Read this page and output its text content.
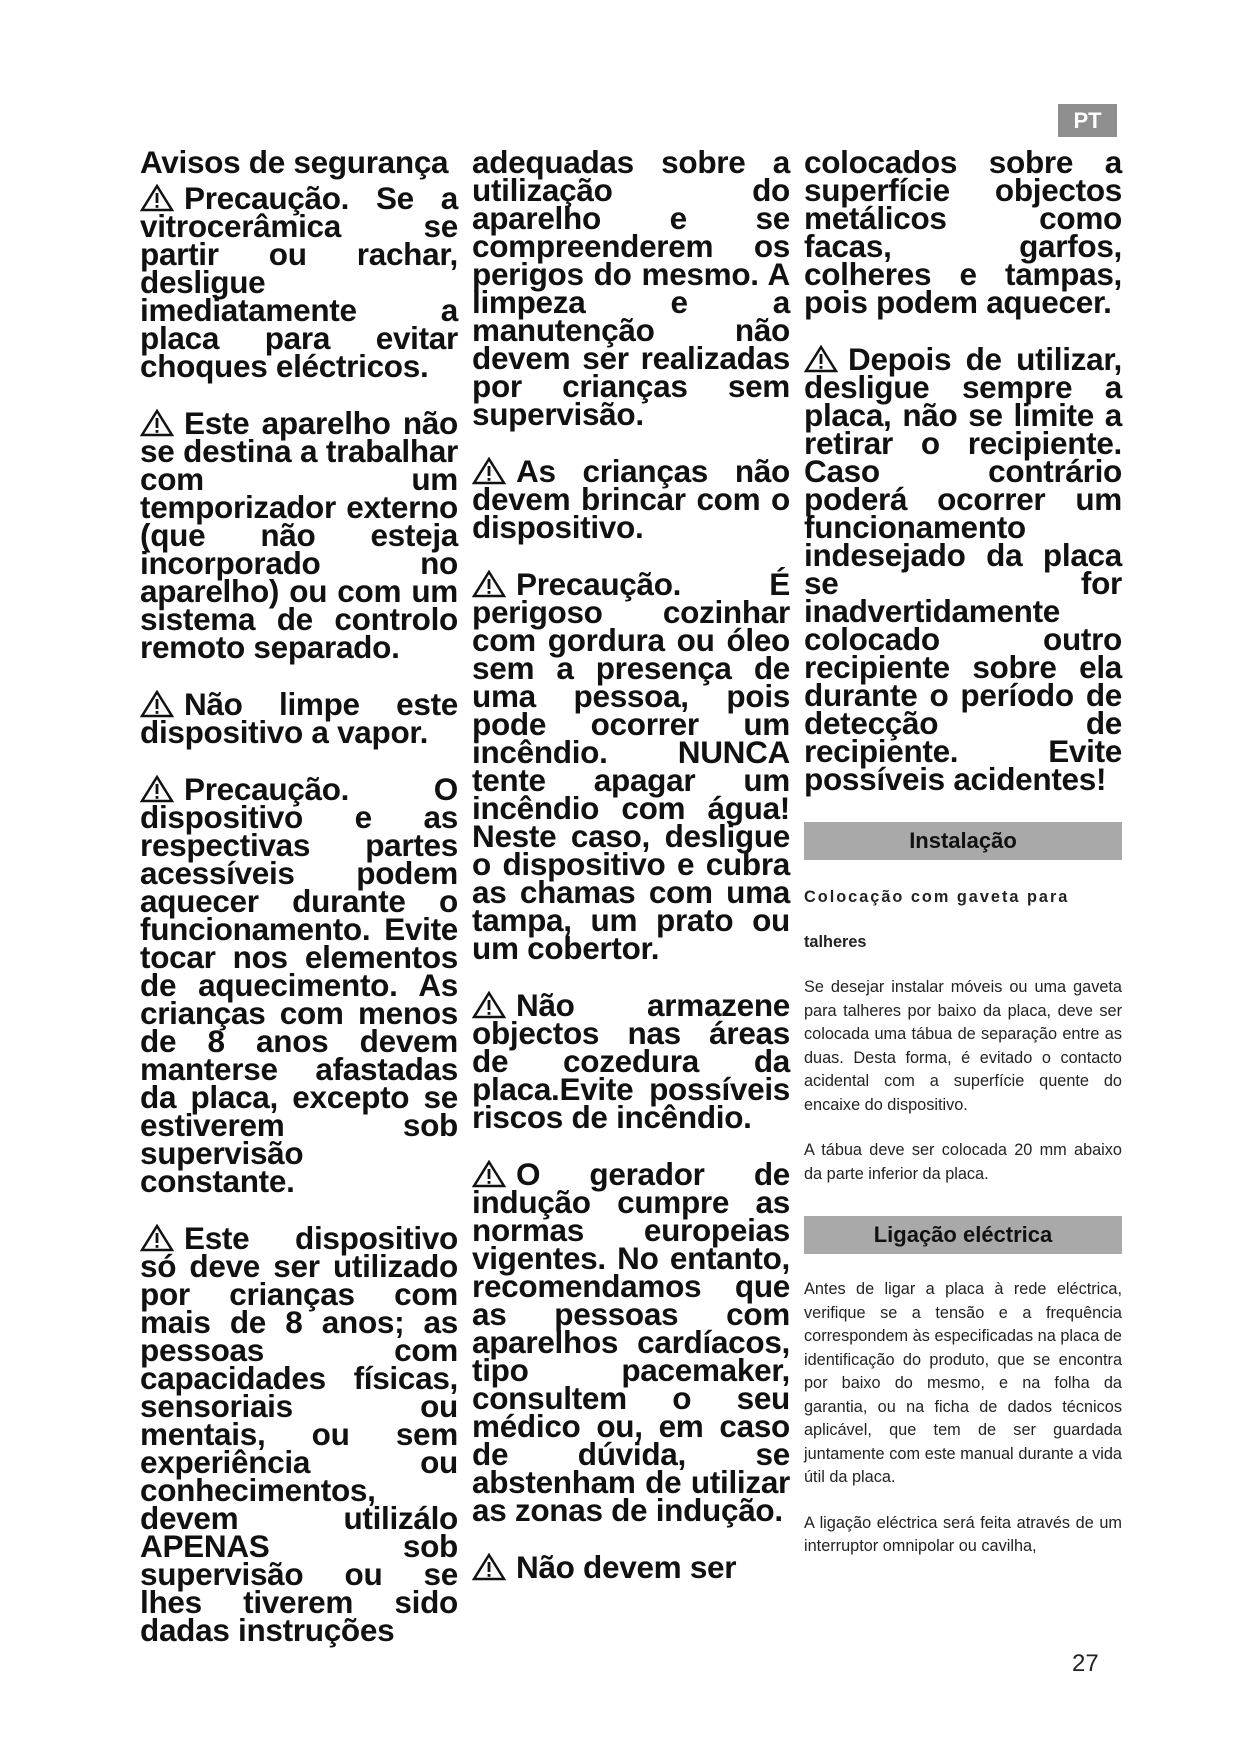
PT
Avisos de segurança

Precaução. Se a vitrocerâmica se partir ou rachar, desligue imediatamente a placa para evitar choques eléctricos.

Este aparelho não se destina a trabalhar com um temporizador externo (que não esteja incorporado no aparelho) ou com um sistema de controlo remoto separado.

Não limpe este dispositivo a vapor.

Precaução. O dispositivo e as respectivas partes acessíveis podem aquecer durante o funcionamento. Evite tocar nos elementos de aquecimento. As crianças com menos de 8 anos devem manterse afastadas da placa, excepto se estiverem sob supervisão constante.

Este dispositivo só deve ser utilizado por crianças com mais de 8 anos; as pessoas com capacidades físicas, sensoriais ou mentais, ou sem experiência ou conhecimentos, devem utilizálo APENAS sob supervisão ou se lhes tiverem sido dadas instruções

adequadas sobre a utilização do aparelho e se compreenderem os perigos do mesmo. A limpeza e a manutenção não devem ser realizadas por crianças sem supervisão.

As crianças não devem brincar com o dispositivo.

Precaução. É perigoso cozinhar com gordura ou óleo sem a presença de uma pessoa, pois pode ocorrer um incêndio. NUNCA tente apagar um incêndio com água! Neste caso, desligue o dispositivo e cubra as chamas com uma tampa, um prato ou um cobertor.

Não armazene objectos nas áreas de cozedura da placa.Evite possíveis riscos de incêndio.

O gerador de indução cumpre as normas europeias vigentes. No entanto, recomendamos que as pessoas com aparelhos cardíacos, tipo pacemaker, consultem o seu médico ou, em caso de dúvida, se abstenham de utilizar as zonas de indução.

Não devem ser

colocados sobre a superfície objectos metálicos como facas, garfos, colheres e tampas, pois podem aquecer.

Depois de utilizar, desligue sempre a placa, não se limite a retirar o recipiente. Caso contrário poderá ocorrer um funcionamento indesejado da placa se for inadvertidamente colocado outro recipiente sobre ela durante o período de detecção de recipiente. Evite possíveis acidentes!

Instalação

Colocação com gaveta para

talheres

Se desejar instalar móveis ou uma gaveta para talheres por baixo da placa, deve ser colocada uma tábua de separação entre as duas. Desta forma, é evitado o contacto acidental com a superfície quente do encaixe do dispositivo.

A tábua deve ser colocada 20 mm abaixo da parte inferior da placa.

Ligação eléctrica

Antes de ligar a placa à rede eléctrica, verifique se a tensão e a frequência correspondem às especificadas na placa de identificação do produto, que se encontra por baixo do mesmo, e na folha da garantia, ou na ficha de dados técnicos aplicável, que tem de ser guardada juntamente com este manual durante a vida útil da placa.

A ligação eléctrica será feita através de um interruptor omnipolar ou cavilha,

27
